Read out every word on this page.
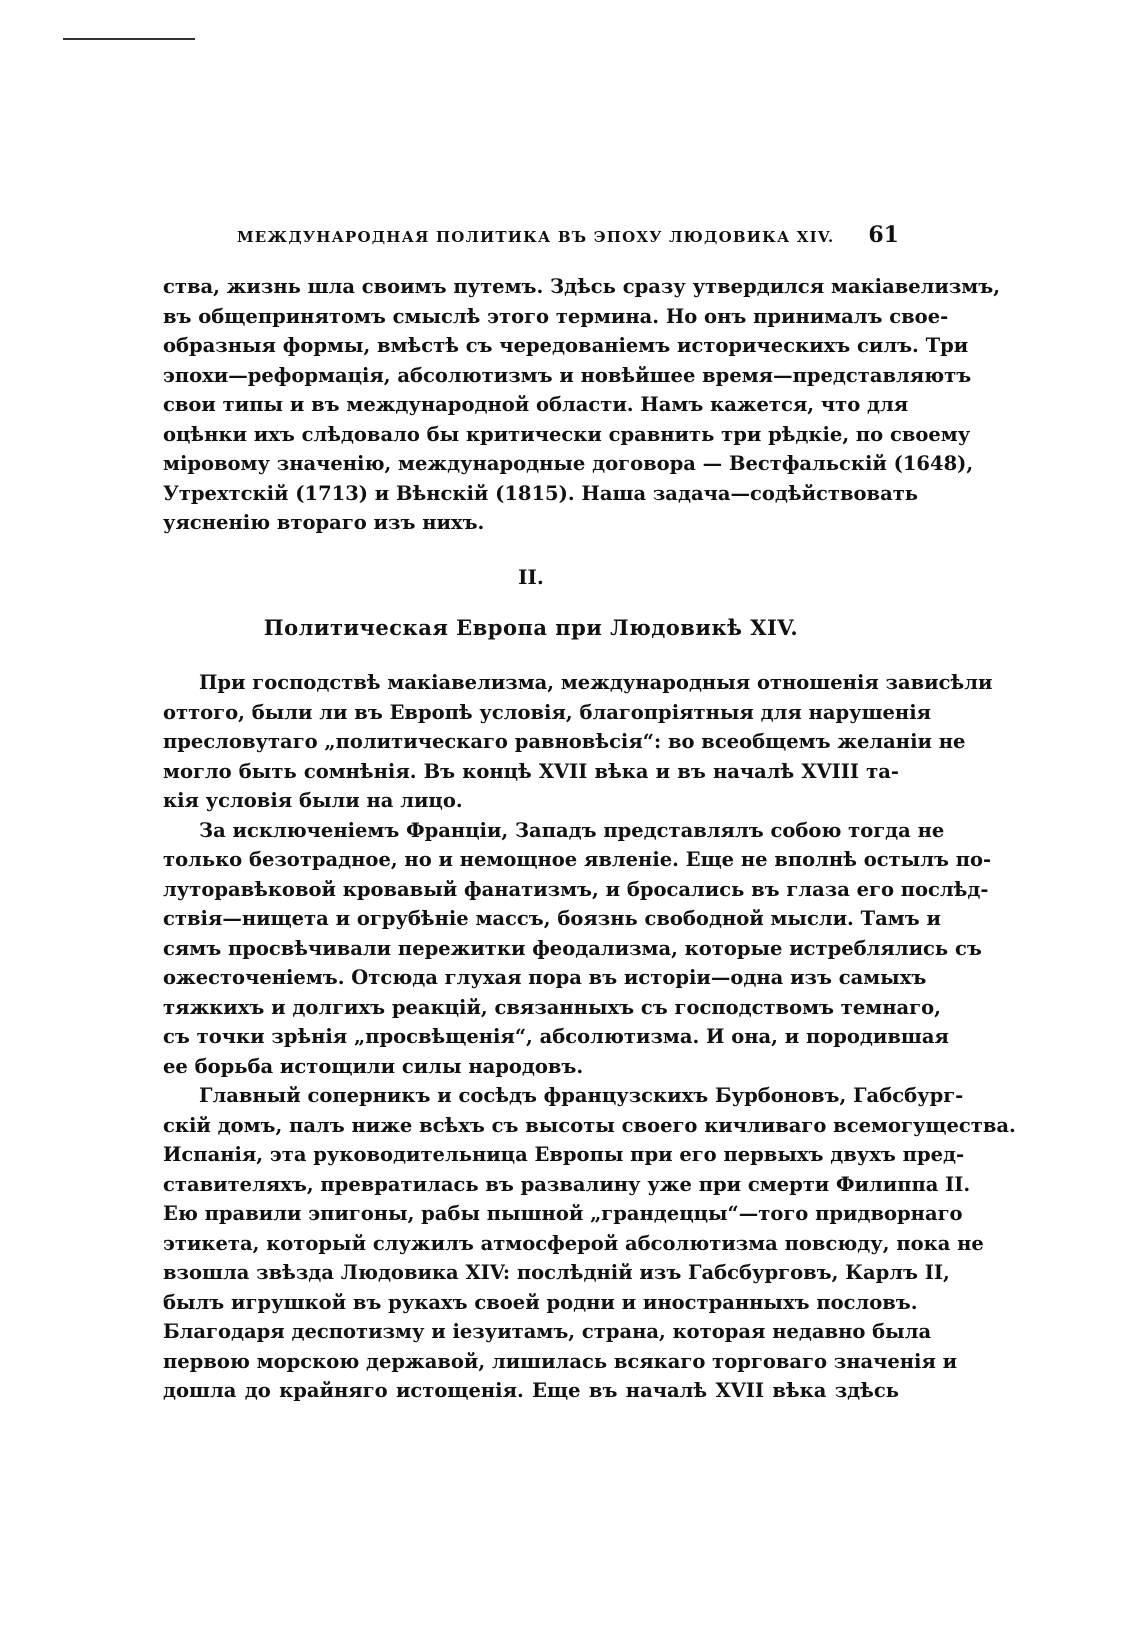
МЕЖДУНАРОДНАЯ ПОЛИТИКА ВЪ ЭПОХУ ЛЮДОВИКА XIV. 61
ства, жизнь шла своимъ путемъ. Здѣсь сразу утвердился макіавелизмъ,
въ общепринятомъ смыслѣ этого термина. Но онъ принималъ свое-
образныя формы, вмѣстѣ съ чередованіемъ историческихъ силъ. Три
эпохи—реформація, абсолютизмъ и новѣйшее время—представляютъ
свои типы и въ международной области. Намъ кажется, что для
оцѣнки ихъ слѣдовало бы критически сравнить три рѣдкіе, по своему
міровому значенію, международные договора — Вестфальскій (1648),
Утрехтскій (1713) и Вѣнскій (1815). Наша задача—содѣйствовать
уясненію втораго изъ нихъ.
II.
Политическая Европа при Людовикѣ XIV.
При господствѣ макіавелизма, международныя отношенія зависѣли
оттого, были ли въ Европѣ условія, благопріятныя для нарушенія
пресловутаго „политическаго равновѣсія“: во всеобщемъ желаніи не
могло быть сомнѣнія. Въ концѣ XVII вѣка и въ началѣ XVIII та-
кія условія были на лицо.
За исключеніемъ Франціи, Западъ представлялъ собою тогда не
только безотрадное, но и немощное явленіе. Еще не вполнѣ остылъ по-
луторавѣковой кровавый фанатизмъ, и бросались въ глаза его послѣд-
ствія—нищета и огрубѣніе массъ, боязнь свободной мысли. Тамъ и
сямъ просвѣчивали пережитки феодализма, которые истреблялись съ
ожесточеніемъ. Отсюда глухая пора въ исторіи—одна изъ самыхъ
тяжкихъ и долгихъ реакцій, связанныхъ съ господствомъ темнаго,
съ точки зрѣнія „просвѣщенія“, абсолютизма. И она, и породившая
ее борьба истощили силы народовъ.
Главный соперникъ и сосѣдъ французскихъ Бурбоновъ, Габсбург-
скій домъ, палъ ниже всѣхъ съ высоты своего кичливаго всемогущества.
Испанія, эта руководительница Европы при его первыхъ двухъ пред-
ставителяхъ, превратилась въ развалину уже при смерти Филиппа II.
Ею правили эпигоны, рабы пышной „грандеццы“—того придворнаго
этикета, который служилъ атмосферой абсолютизма повсюду, пока не
взошла звѣзда Людовика XIV: послѣдній изъ Габсбурговъ, Карлъ II,
былъ игрушкой въ рукахъ своей родни и иностранныхъ пословъ.
Благодаря деспотизму и іезуитамъ, страна, которая недавно была
первою морскою державой, лишилась всякаго торговаго значенія и
дошла до крайняго истощенія. Еще въ началѣ XVII вѣка здѣсь
